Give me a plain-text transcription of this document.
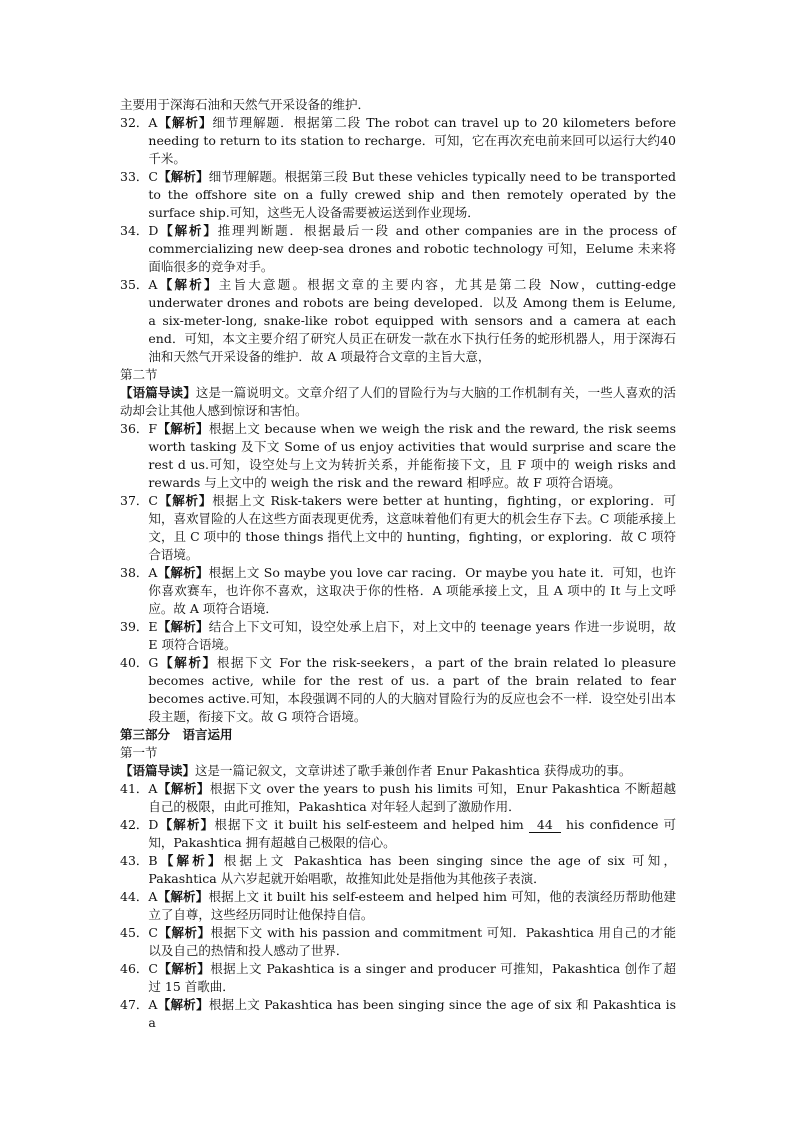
主要用于深海石油和天然气开采设备的维护．

32． A【解析】细节理解题．根据第二段 The robot can travel up to 20 kilometers before needing to return to its station to recharge．可知，它在再次充电前来回可以运行大约40千米。
33． C【解析】细节理解题。根据第三段 But these vehicles typically need to be transported to the offshore site on a fully crewed ship and then remotely operated by the surface ship.可知，这些无人设备需要被运送到作业现场．
34． D【解析】推理判断题．根据最后一段 and other companies are in the process of commercializing new deep-sea drones and robotic technology 可知，Eelume 未来将面临很多的竞争对手。
35． A【解析】主旨大意题。根据文章的主要内容，尤其是第二段 Now，cutting-edge underwater drones and robots are being developed．以及 Among them is Eelume, a six-meter-long, snake-like robot equipped with sensors and a camera at each end．可知，本文主要介绍了研究人员正在研发一款在水下执行任务的蛇形机器人，用于深海石油和天然气开采设备的维护．故 A 项最符合文章的主旨大意，

第二节

【语篇导读】这是一篇说明文。文章介绍了人们的冒险行为与大脑的工作机制有关，一些人喜欢的活动却会让其他人感到惊讶和害怕。

36． F【解析】根据上文 because when we weigh the risk and the reward, the risk seems worth tasking 及下文 Some of us enjoy activities that would surprise and scare the rest d us.可知，设空处与上文为转折关系，并能衔接下文，且 F 项中的 weigh risks and rewards 与上文中的 weigh the risk and the reward 相呼应。故 F 项符合语境。
37． C【解析】根据上文 Risk-takers were better at hunting，fighting，or exploring．可知，喜欢冒险的人在这些方面表现更优秀，这意味着他们有更大的机会生存下去。C 项能承接上文，且 C 项中的 those things 指代上文中的 hunting，fighting，or exploring．故 C 项符合语境。
38． A【解析】根据上文 So maybe you love car racing．Or maybe you hate it．可知，也许你喜欢赛车，也许你不喜欢，这取决于你的性格．A 项能承接上文，且 A 项中的 It 与上文呼应。故 A 项符合语境．
39． E【解析】结合上下文可知，设空处承上启下，对上文中的 teenage years 作进一步说明，故 E 项符合语境。
40． G【解析】根据下文 For the risk-seekers，a part of the brain related lo pleasure becomes active, while for the rest of us. a part of the brain related to fear becomes active.可知，本段强调不同的人的大脑对冒险行为的反应也会不一样．设空处引出本段主题，衔接下文。故 G 项符合语境。

第三部分　语言运用

第一节

【语篇导读】这是一篇记叙文，文章讲述了歌手兼创作者 Enur Pakashtica 获得成功的事。

41． A【解析】根据下文 over the years to push his limits 可知，Enur Pakashtica 不断超越自己的极限，由此可推知，Pakashtica 对年轻人起到了激励作用．
42． D【解析】根据下文 it built his self-esteem and helped him 44 his confidence 可知，Pakashtica 拥有超越自己极限的信心。
43． B【解析】根据上文 Pakashtica has been singing since the age of six 可知，Pakashtica 从六岁起就开始唱歌，故推知此处是指他为其他孩子表演．
44． A【解析】根据上文 it built his self-esteem and helped him 可知，他的表演经历帮助他建立了自尊，这些经历同时让他保持自信。
45． C【解析】根据下文 with his passion and commitment 可知．Pakashtica 用自己的才能以及自己的热情和投人感动了世界．
46． C【解析】根据上文 Pakashtica is a singer and producer 可推知，Pakashtica 创作了超过 15 首歌曲．
47． A【解析】根据上文 Pakashtica has been singing since the age of six 和 Pakashtica is a
